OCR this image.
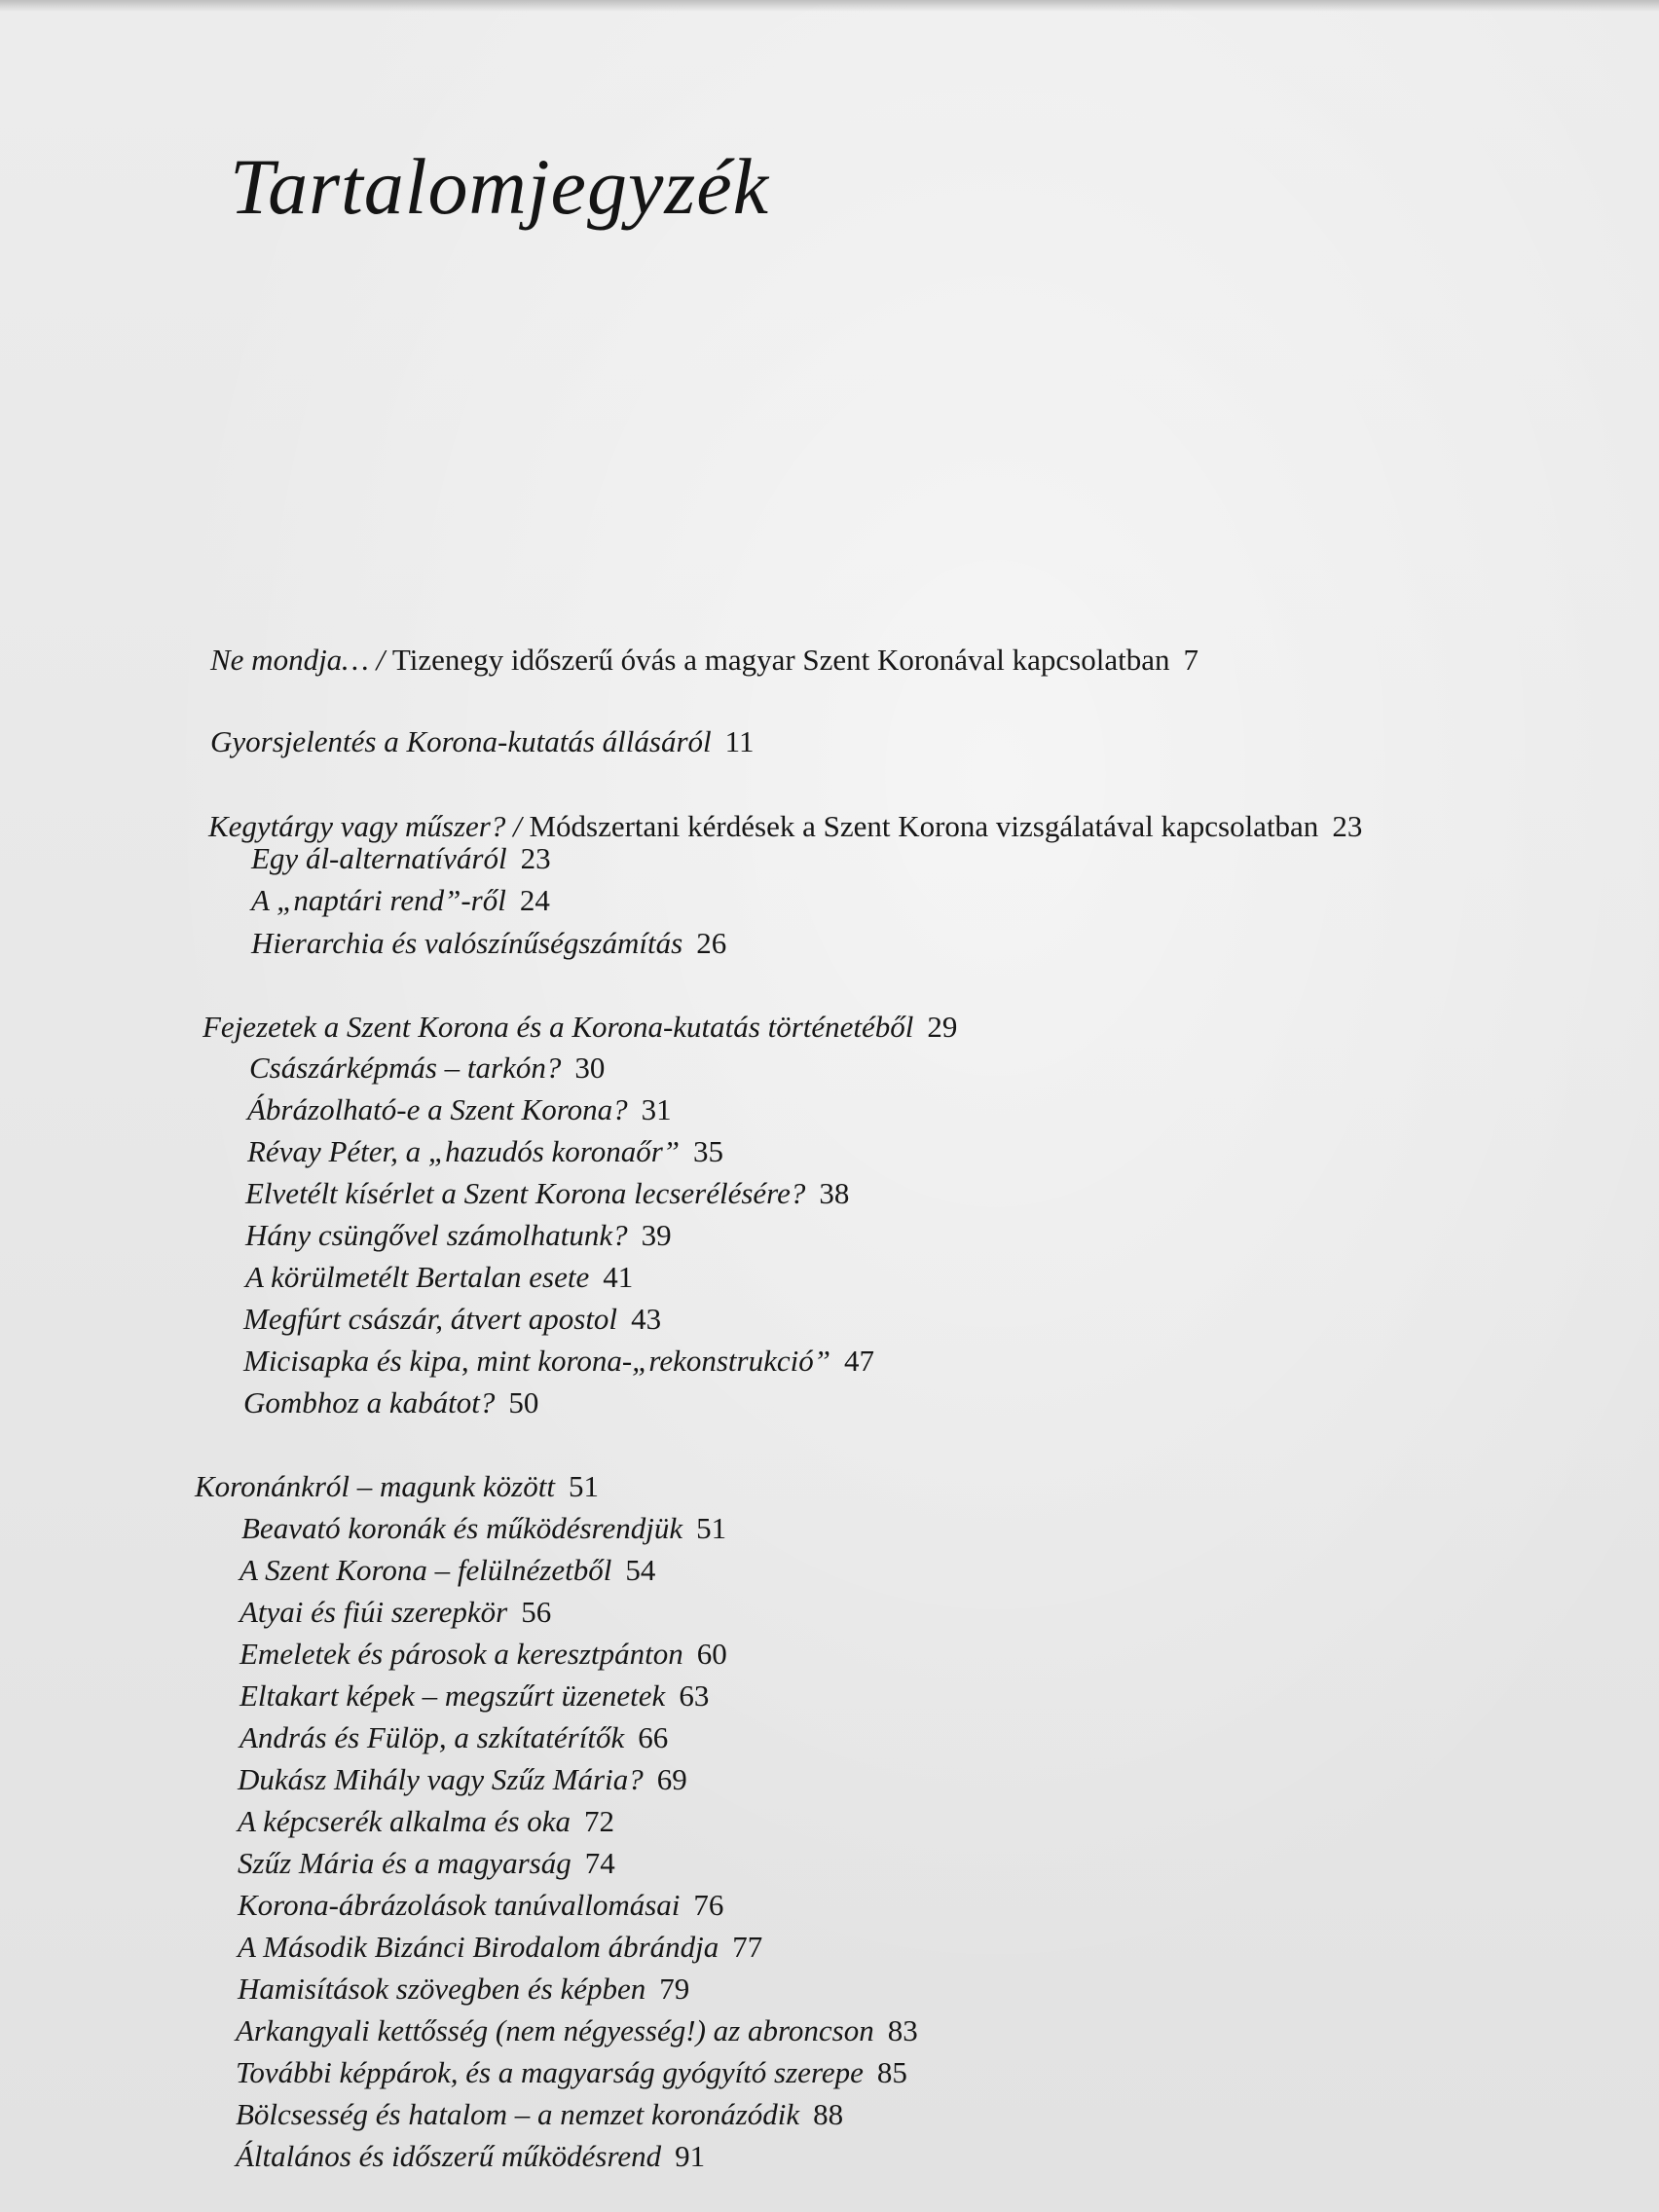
Tartalomjegyzék
Ne mondja… / Tizenegy időszerű óvás a magyar Szent Koronával kapcsolatban 7
Gyorsjelentés a Korona-kutatás állásáról 11
Kegytárgy vagy műszer? / Módszertani kérdések a Szent Korona vizsgálatával kapcsolatban 23
Egy ál-alternatíváról 23
A „naptári rend”-ről 24
Hierarchia és valószínűségszámítás 26
Fejezetek a Szent Korona és a Korona-kutatás történetéből 29
Császárképmás – tarkón? 30
Ábrázolható-e a Szent Korona? 31
Révay Péter, a „hazudós koronaőr” 35
Elvetélt kísérlet a Szent Korona lecserélésére? 38
Hány csüngővel számolhatunk? 39
A körülmetélt Bertalan esete 41
Megfúrt császár, átvert apostol 43
Micisapka és kipa, mint korona-„rekonstrukció” 47
Gombhoz a kabátot? 50
Koronánkról – magunk között 51
Beavató koronák és működésrendjük 51
A Szent Korona – felülnézetből 54
Atyai és fiúi szerepkör 56
Emeletek és párosok a keresztpánton 60
Eltakart képek – megszűrt üzenetek 63
András és Fülöp, a szkítatérítők 66
Dukász Mihály vagy Szűz Mária? 69
A képcserék alkalma és oka 72
Szűz Mária és a magyarság 74
Korona-ábrázolások tanúvallomásai 76
A Második Bizánci Birodalom ábrándja 77
Hamisítások szövegben és képben 79
Arkangyali kettősség (nem négyesség!) az abroncson 83
További képpárok, és a magyarság gyógyító szerepe 85
Bölcsesség és hatalom – a nemzet koronázódik 88
Általános és időszerű működésrend 91
